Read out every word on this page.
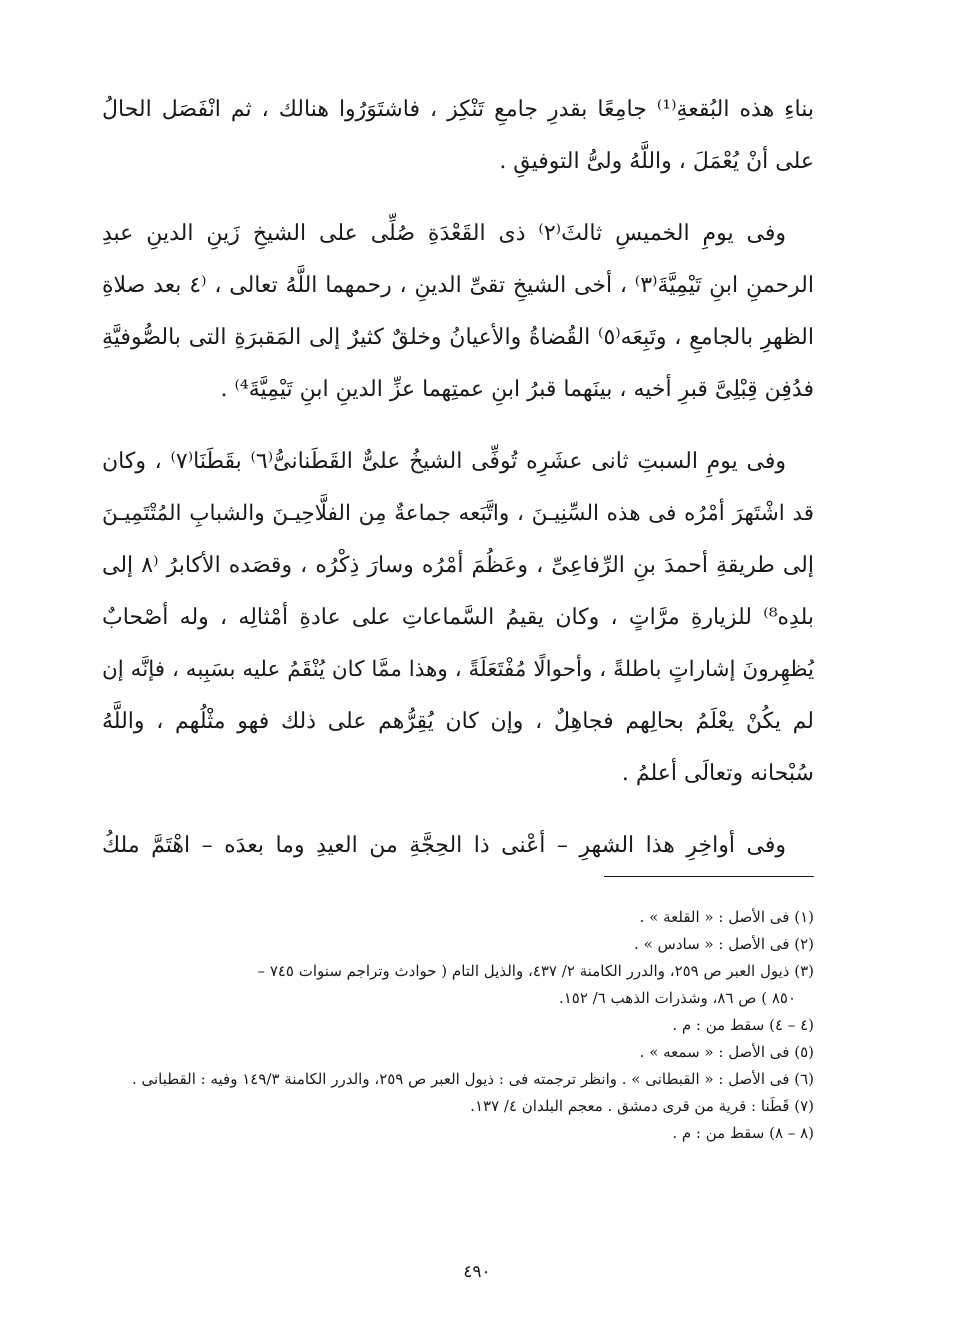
بناءِ هذه البُقعةِ⁽¹⁾ جامِعًا بقدرِ جامعِ تَنْكِز ، فاشتَوَرُوا هنالك ، ثم انْفَصَل الحالُ
على أنْ يُعْمَلَ ، واللَّهُ ولىُّ التوفيقِ .
وفى يومِ الخميسِ ثالثَ⁽٢⁾ ذى القَعْدَةِ صُلِّى على الشيخِ زَينِ الدينِ عبدِ
الرحمنِ ابنِ تَيْمِيَّةَ⁽٣⁾ ، أخى الشيخِ تقىِّ الدينِ ، رحمهما اللَّهُ تعالى ، ⁽٤ بعد صلاةِ
الظهرِ بالجامعِ ، وتَبِعَه⁽٥⁾ القُضاةُ والأعيانُ وخلقٌ كثيرٌ إلى المَقبرَةِ التى بالصُّوفيَّةِ
فدُفِن قِبْلِىَّ قبرِ أخيه ، بينَهما قبرُ ابنِ عمتِهما عزِّ الدينِ ابنِ تَيْمِيَّةَ⁴⁾ .
وفى يومِ السبتِ ثانى عشَرِه تُوفِّى الشيخُ علىٌّ القَطَنانىُّ⁽٦⁾ بقَطَنَا⁽٧⁾ ، وكان
قد اشْتَهرَ أمْرُه فى هذه السِّنِيـنَ ، واتَّبَعه جماعةٌ مِن الفلَّاحِيـنَ والشبابِ المُتْتَمِيـنَ
إلى طريقةِ أحمدَ بنِ الرِّفاعِىِّ ، وعَظُمَ أمْرُه وسارَ ذِكْرُه ، وقصَده الأكابرُ ⁽٨ إلى
بلدِه⁸⁾ للزيارةِ مرَّاتٍ ، وكان يقيمُ السَّماعاتِ على عادةِ أمْثالِه ، وله أصْحابٌ
يُظهِرونَ إشاراتٍ باطلةً ، وأحوالًا مُفْتَعَلَةً ، وهذا ممَّا كان يُنْقَمُ عليه بسَبِبه ، فإنَّه إن
لم يكُنْ يعْلَمُ بحالِهم فجاهِلٌ ، وإن كان يُقِرُّهم على ذلك فهو مثْلُهم ، واللَّهُ
سُبْحانه وتعالَى أعلمُ .
وفى أواخِرِ هذا الشهرِ – أعْنى ذا الحِجَّةِ من العيدِ وما بعدَه – اهْتَمَّ ملكُ
(١) فى الأصل : « القلعة » .
(٢) فى الأصل : « سادس » .
(٣) ذيول العبر ص ٢٥٩، والدرر الكامنة ٢/ ٤٣٧، والذيل التام ( حوادث وتراجم سنوات ٧٤٥ –
٨٥٠ ) ص ٨٦، وشذرات الذهب ٦/ ١٥٢.
(٤ – ٤) سقط من : م .
(٥) فى الأصل : « سمعه » .
(٦) فى الأصل : « القبطانى » . وانظر ترجمته فى : ذيول العبر ص ٢٥٩، والدرر الكامنة ١٤٩/٣ وفيه : القطبانى .
(٧) قَطَنا : قرية من قرى دمشق . معجم البلدان ٤/ ١٣٧.
(٨ – ٨) سقط من : م .
٤٩٠
